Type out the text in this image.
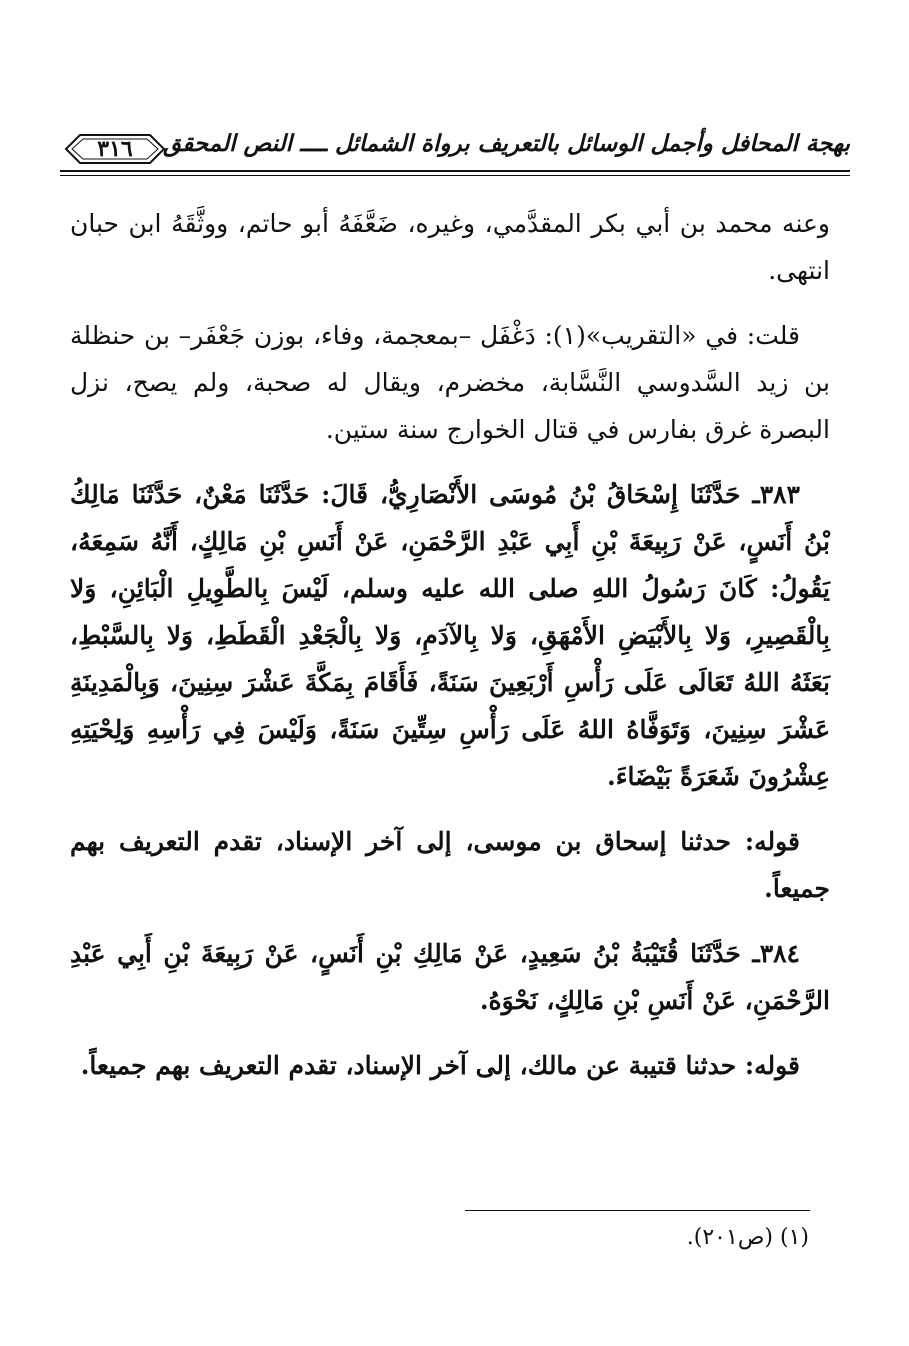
٣١٦	بهجة المحافل وأجمل الوسائل بالتعريف برواة الشمائل ــــ النص المحقق

وعنه محمد بن أبي بكر المقدَّمي، وغيره، ضَعَّفَهُ أبو حاتم، ووثَّقَهُ ابن حبان انتهى.

قلت: في «التقريب»(١): دَغْفَل –بمعجمة، وفاء، بوزن جَعْفَر– بن حنظلة بن زيد السَّدوسي النَّسَّابة، مخضرم، ويقال له صحبة، ولم يصح، نزل البصرة غرق بفارس في قتال الخوارج سنة ستين.

٣٨٣ـ حَدَّثَنَا إِسْحَاقُ بْنُ مُوسَى الأَنْصَارِيُّ، قَالَ: حَدَّثَنَا مَعْنٌ، حَدَّثَنَا مَالِكُ بْنُ أَنَسٍ، عَنْ رَبِيعَةَ بْنِ أَبِي عَبْدِ الرَّحْمَنِ، عَنْ أَنَسِ بْنِ مَالِكٍ، أَنَّهُ سَمِعَهُ، يَقُولُ: كَانَ رَسُولُ اللهِ صلى الله عليه وسلم، لَيْسَ بِالطَّوِيلِ الْبَائِنِ، وَلا بِالْقَصِيرِ، وَلا بِالأَبْيَضِ الأَمْهَقِ، وَلا بِالآدَمِ، وَلا بِالْجَعْدِ الْقَطَطِ، وَلا بِالسَّبْطِ، بَعَثَهُ اللهُ تَعَالَى عَلَى رَأْسِ أَرْبَعِينَ سَنَةً، فَأَقَامَ بِمَكَّةَ عَشْرَ سِنِينَ، وَبِالْمَدِينَةِ عَشْرَ سِنِينَ، وَتَوَفَّاهُ اللهُ عَلَى رَأْسِ سِتِّينَ سَنَةً، وَلَيْسَ فِي رَأْسِهِ وَلِحْيَتِهِ عِشْرُونَ شَعَرَةً بَيْضَاءَ.

قوله: حدثنا إسحاق بن موسى، إلى آخر الإسناد، تقدم التعريف بهم جميعاً.

٣٨٤ـ حَدَّثَنَا قُتَيْبَةُ بْنُ سَعِيدٍ، عَنْ مَالِكِ بْنِ أَنَسٍ، عَنْ رَبِيعَةَ بْنِ أَبِي عَبْدِ الرَّحْمَنِ، عَنْ أَنَسِ بْنِ مَالِكٍ، نَحْوَهُ.

قوله: حدثنا قتيبة عن مالك، إلى آخر الإسناد، تقدم التعريف بهم جميعاً.

(١) (ص٢٠١).
